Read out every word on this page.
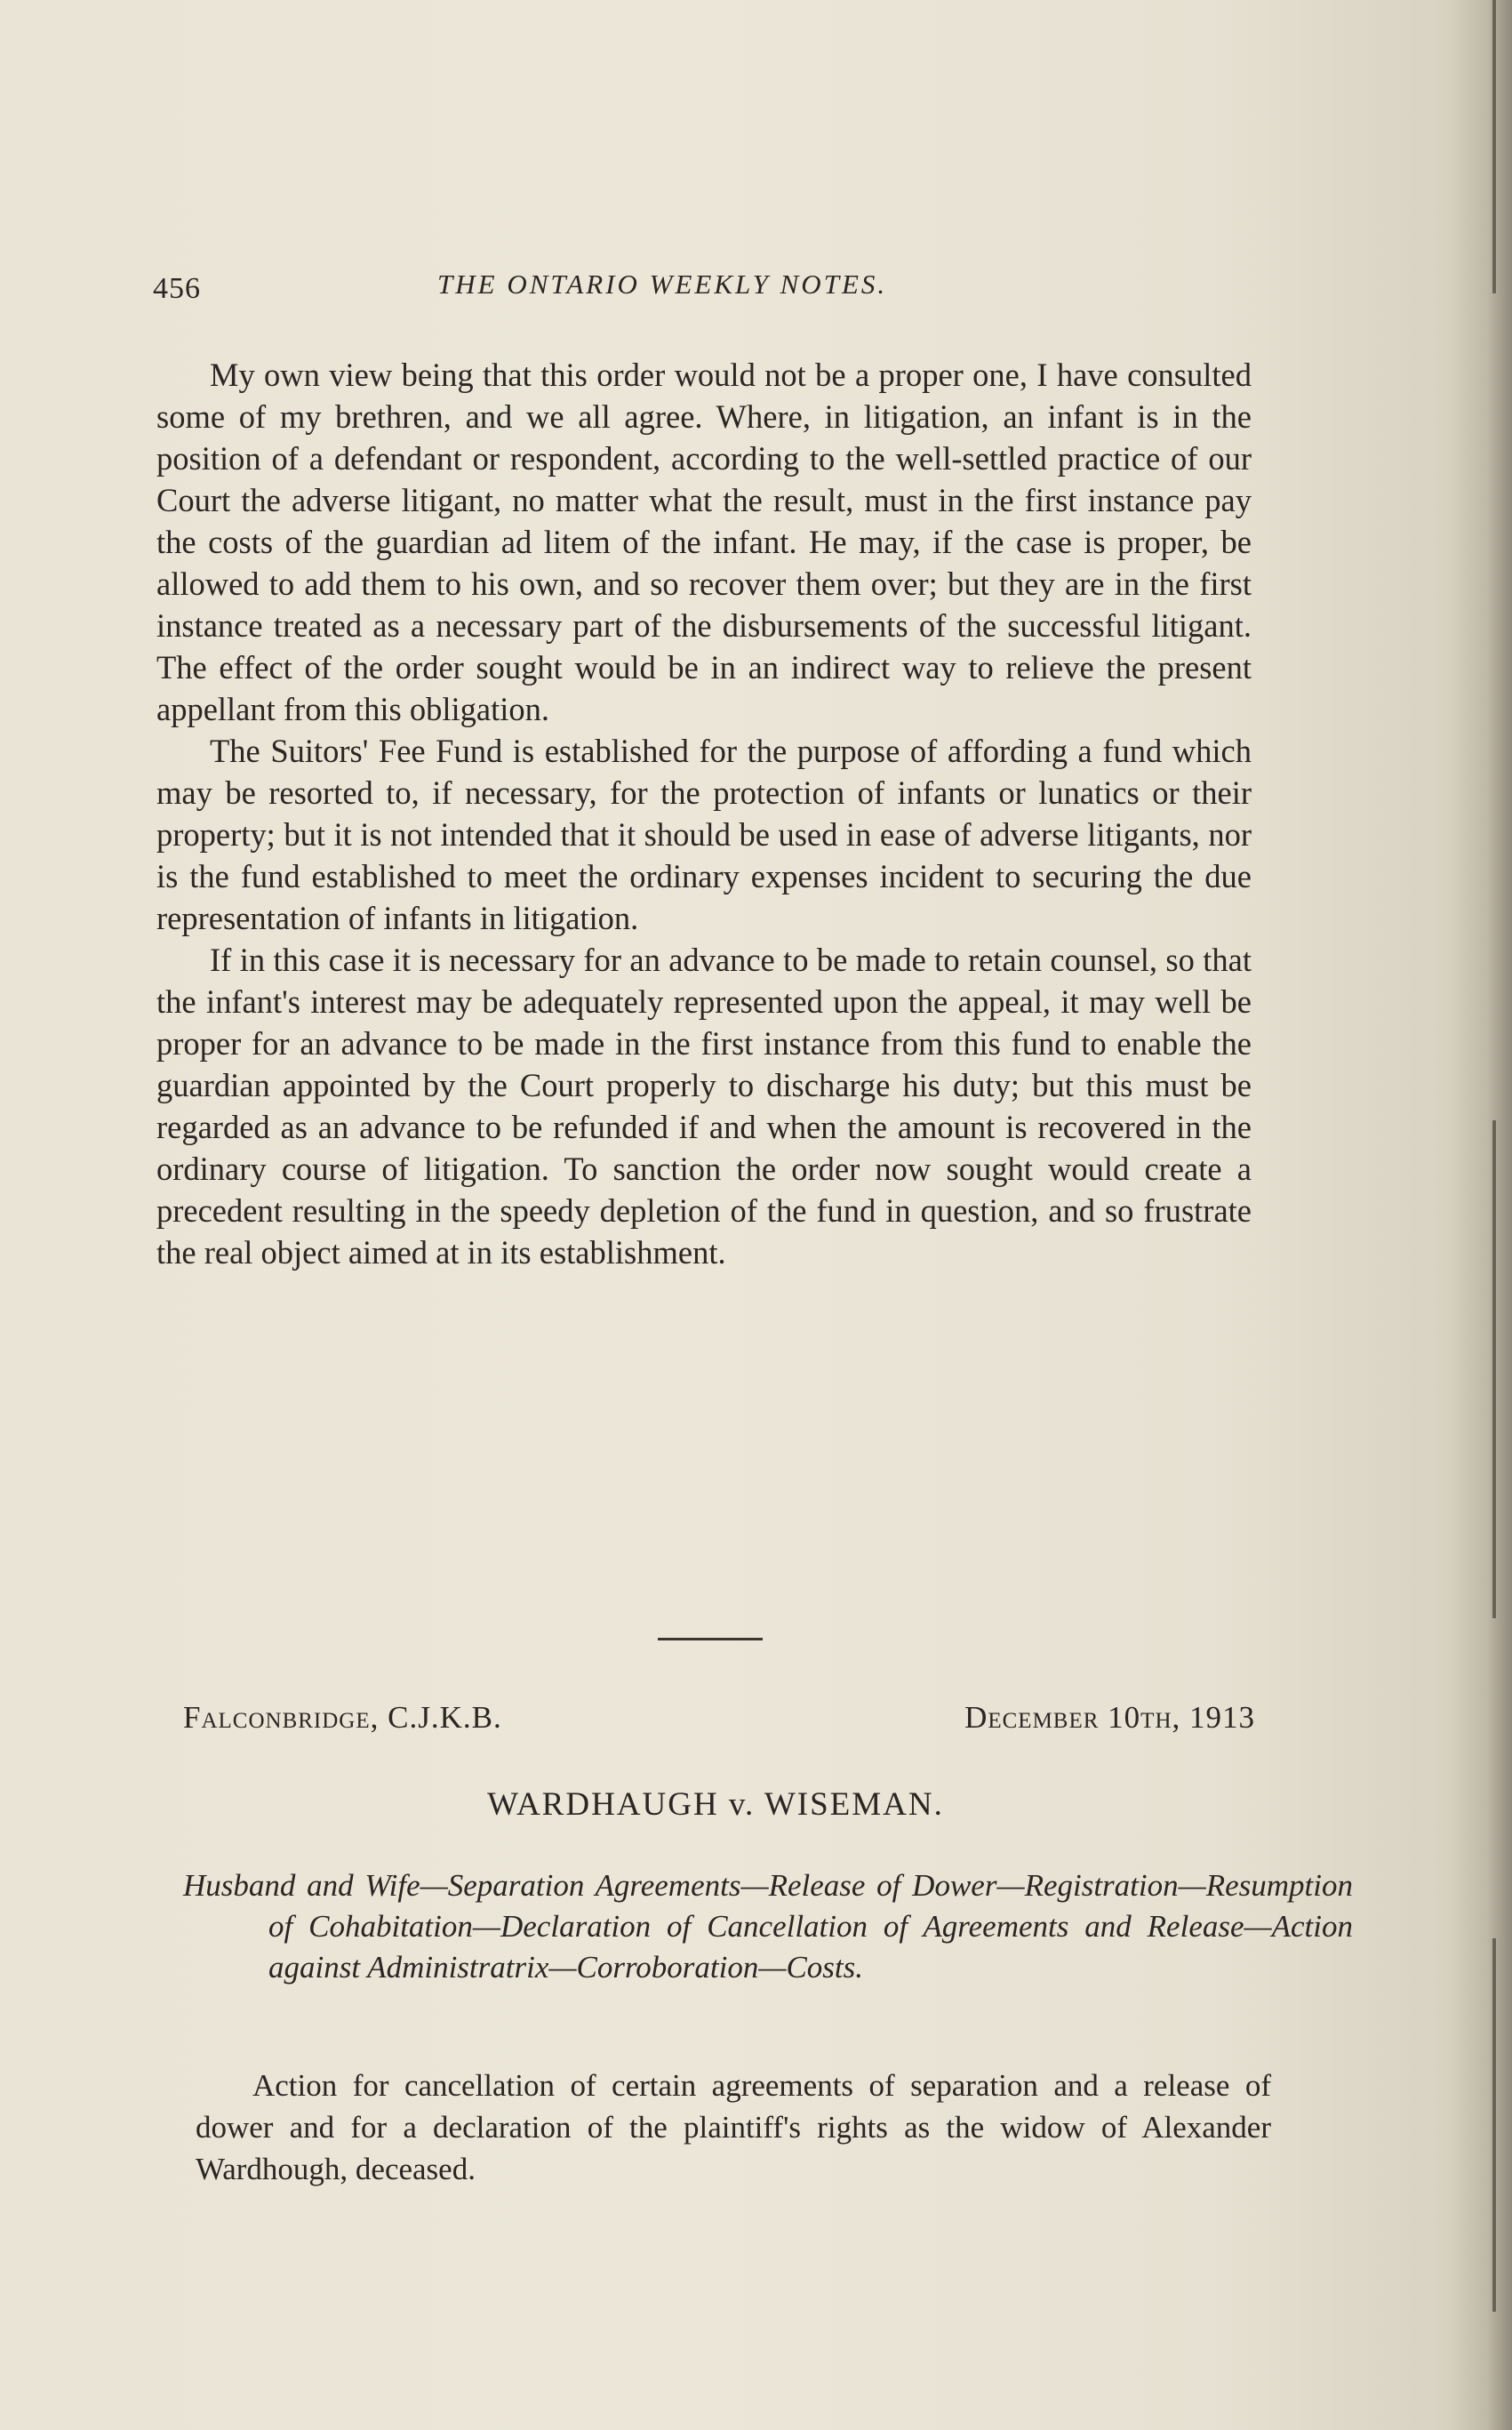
456	THE ONTARIO WEEKLY NOTES.

My own view being that this order would not be a proper one, I have consulted some of my brethren, and we all agree. Where, in litigation, an infant is in the position of a defendant or respondent, according to the well-settled practice of our Court the adverse litigant, no matter what the result, must in the first instance pay the costs of the guardian ad litem of the infant. He may, if the case is proper, be allowed to add them to his own, and so recover them over; but they are in the first instance treated as a necessary part of the disbursements of the successful litigant. The effect of the order sought would be in an indirect way to relieve the present appellant from this obligation.

The Suitors' Fee Fund is established for the purpose of affording a fund which may be resorted to, if necessary, for the protection of infants or lunatics or their property; but it is not intended that it should be used in ease of adverse litigants, nor is the fund established to meet the ordinary expenses incident to securing the due representation of infants in litigation.

If in this case it is necessary for an advance to be made to retain counsel, so that the infant's interest may be adequately represented upon the appeal, it may well be proper for an advance to be made in the first instance from this fund to enable the guardian appointed by the Court properly to discharge his duty; but this must be regarded as an advance to be refunded if and when the amount is recovered in the ordinary course of litigation. To sanction the order now sought would create a precedent resulting in the speedy depletion of the fund in question, and so frustrate the real object aimed at in its establishment.

Falconbridge, C.J.K.B.	December 10th, 1913
WARDHAUGH v. WISEMAN.
Husband and Wife—Separation Agreements—Release of Dower—Registration—Resumption of Cohabitation—Declaration of Cancellation of Agreements and Release—Action against Administratrix—Corroboration—Costs.
Action for cancellation of certain agreements of separation and a release of dower and for a declaration of the plaintiff's rights as the widow of Alexander Wardhough, deceased.
